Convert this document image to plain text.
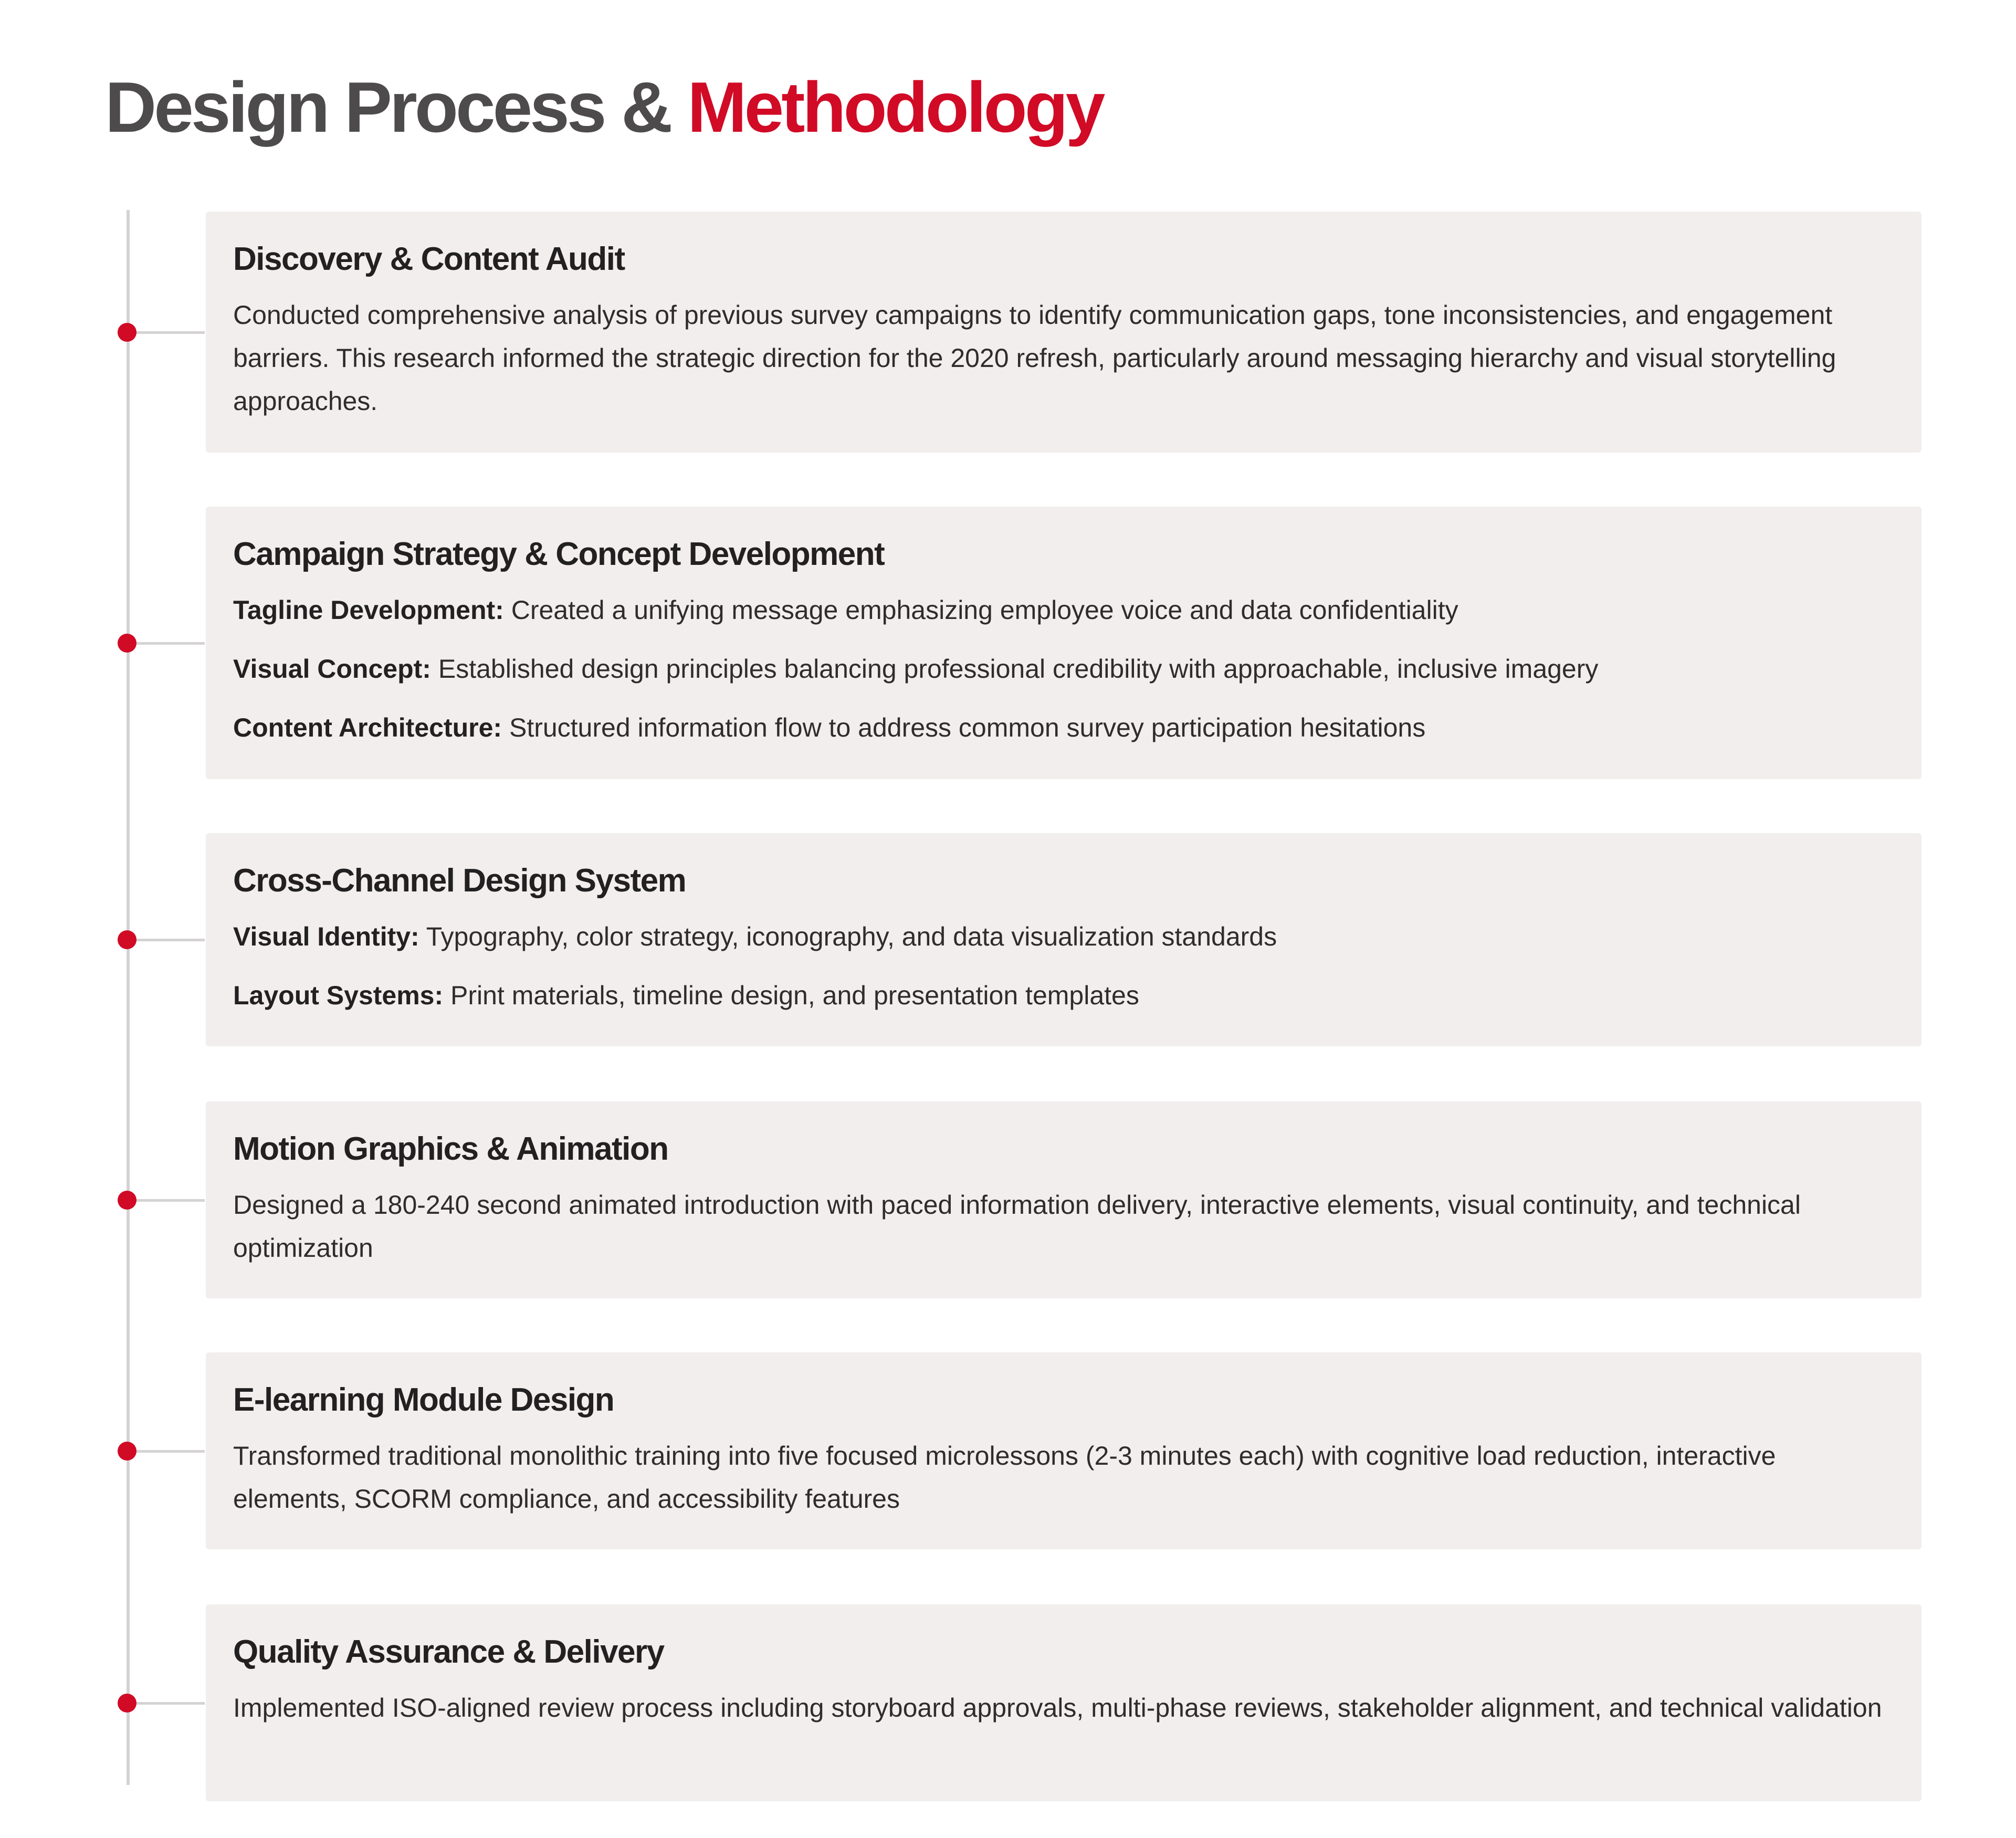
Design Process & Methodology
Discovery & Content Audit

Conducted comprehensive analysis of previous survey campaigns to identify communication gaps, tone inconsistencies, and engagement barriers. This research informed the strategic direction for the 2020 refresh, particularly around messaging hierarchy and visual storytelling approaches.

Campaign Strategy & Concept Development

Tagline Development: Created a unifying message emphasizing employee voice and data confidentiality

Visual Concept: Established design principles balancing professional credibility with approachable, inclusive imagery

Content Architecture: Structured information flow to address common survey participation hesitations

Cross-Channel Design System

Visual Identity: Typography, color strategy, iconography, and data visualization standards

Layout Systems: Print materials, timeline design, and presentation templates

Motion Graphics & Animation

Designed a 180-240 second animated introduction with paced information delivery, interactive elements, visual continuity, and technical optimization

E-learning Module Design

Transformed traditional monolithic training into five focused microlessons (2-3 minutes each) with cognitive load reduction, interactive elements, SCORM compliance, and accessibility features

Quality Assurance & Delivery

Implemented ISO-aligned review process including storyboard approvals, multi-phase reviews, stakeholder alignment, and technical validation
